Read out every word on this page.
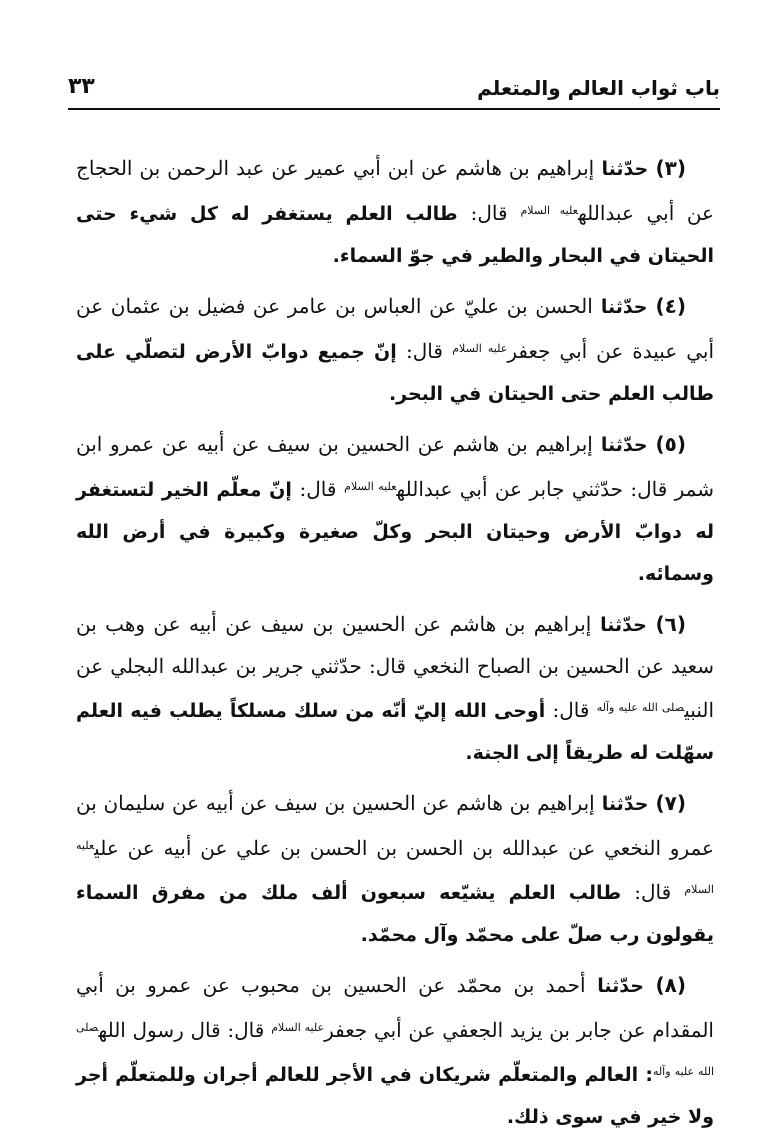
باب ثواب العالم والمتعلم
٣٣

(٣) حدّثنا إبراهيم بن هاشم عن ابن أبي عمير عن عبد الرحمن بن الحجاج عن أبي عبدالله$^{عليه السلام}$ قال: طالب العلم يستغفر له كل شيء حتى الحيتان في البحار والطير في جوّ السماء.

(٤) حدّثنا الحسن بن عليّ عن العباس بن عامر عن فضيل بن عثمان عن أبي عبيدة عن أبي جعفر$^{عليه السلام}$ قال: إنّ جميع دوابّ الأرض لتصلّي على طالب العلم حتى الحيتان في البحر.

(٥) حدّثنا إبراهيم بن هاشم عن الحسين بن سيف عن أبيه عن عمرو ابن شمر قال: حدّثني جابر عن أبي عبدالله$^{عليه السلام}$ قال: إنّ معلّم الخير لتستغفر له دوابّ الأرض وحيتان البحر وكلّ صغيرة وكبيرة في أرض الله وسمائه.

(٦) حدّثنا إبراهيم بن هاشم عن الحسين بن سيف عن أبيه عن وهب بن سعيد عن الحسين بن الصباح النخعي قال: حدّثني جرير بن عبدالله البجلي عن النبي$^{صلى الله عليه وآله}$ قال: أوحى الله إليّ أنّه من سلك مسلكاً يطلب فيه العلم سهّلت له طريقاً إلى الجنة.

(٧) حدّثنا إبراهيم بن هاشم عن الحسين بن سيف عن أبيه عن سليمان بن عمرو النخعي عن عبدالله بن الحسن بن الحسن بن علي عن أبيه عن علي$^{عليه السلام}$ قال: طالب العلم يشيّعه سبعون ألف ملك من مفرق السماء يقولون رب صلّ على محمّد وآل محمّد.

(٨) حدّثنا أحمد بن محمّد عن الحسين بن محبوب عن عمرو بن أبي المقدام عن جابر بن يزيد الجعفي عن أبي جعفر$^{عليه السلام}$ قال: قال رسول الله$^{صلى الله عليه وآله}$: العالم والمتعلّم شريكان في الأجر للعالم أجران وللمتعلّم أجر ولا خير في سوى ذلك.
